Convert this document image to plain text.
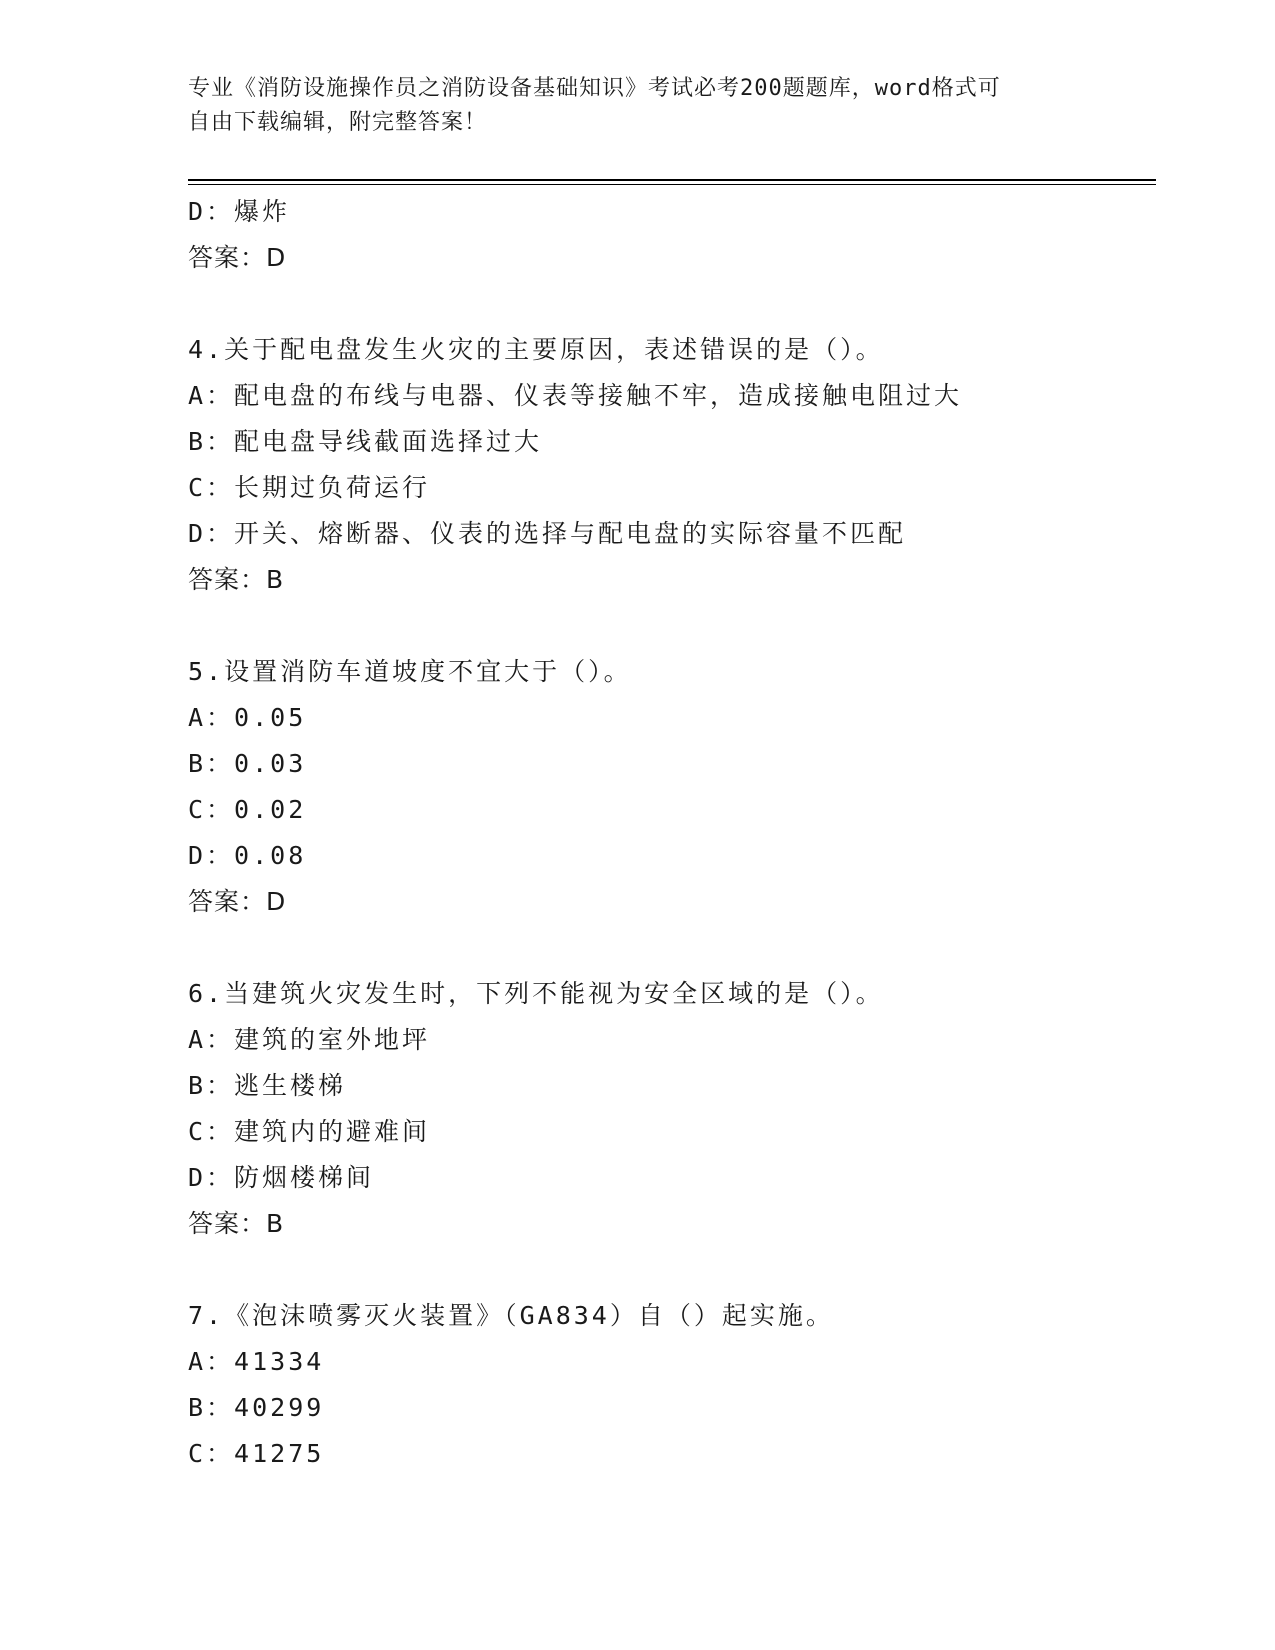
专业《消防设施操作员之消防设备基础知识》考试必考200题题库，word格式可
自由下载编辑，附完整答案！
D：爆炸
答案：D
4.关于配电盘发生火灾的主要原因，表述错误的是（）。
A：配电盘的布线与电器、仪表等接触不牢，造成接触电阻过大
B：配电盘导线截面选择过大
C：长期过负荷运行
D：开关、熔断器、仪表的选择与配电盘的实际容量不匹配
答案：B
5.设置消防车道坡度不宜大于（）。
A：0.05
B：0.03
C：0.02
D：0.08
答案：D
6.当建筑火灾发生时，下列不能视为安全区域的是（）。
A：建筑的室外地坪
B：逃生楼梯
C：建筑内的避难间
D：防烟楼梯间
答案：B
7.《泡沫喷雾灭火装置》（GA834）自（）起实施。
A：41334
B：40299
C：41275
